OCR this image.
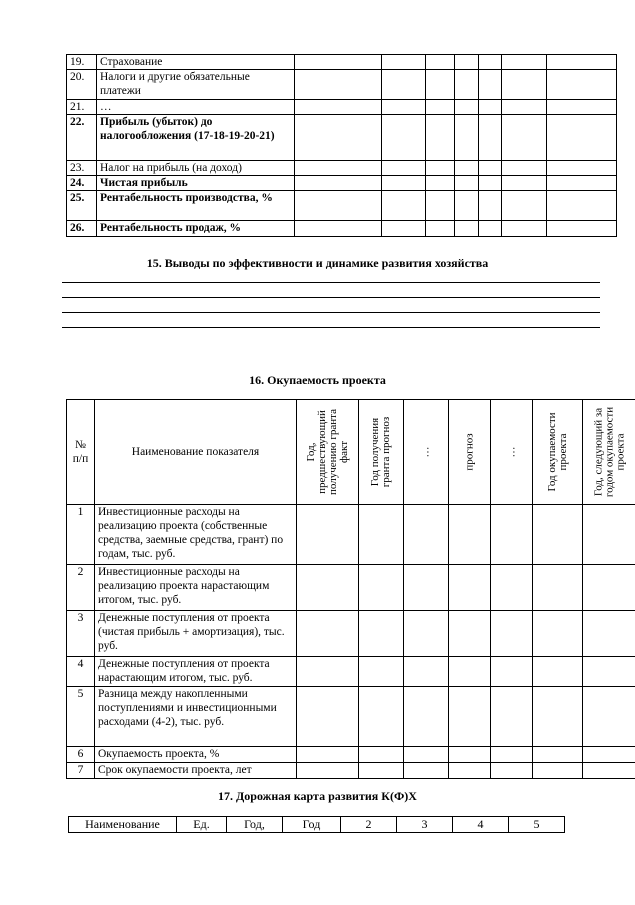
19.	Страхование							
20.	Налоги и другие обязательные платежи							
21.	…							
22.	Прибыль (убыток) до налогообложения (17-18-19-20-21)							
23.	Налог на прибыль (на доход)							
24.	Чистая прибыль							
25.	Рентабельность производства, %							
26.	Рентабельность продаж, %							
15. Выводы по эффективности и динамике развития хозяйства
16. Окупаемость проекта
№ п/п	Наименование показателя	Год, предшествующий получению гранта факт	Год получения гранта прогноз	…	прогноз	…	Год окупаемости проекта	Год, следующий за годом окупаемости проекта

1	Инвестиционные расходы на реализацию проекта (собственные средства, заемные средства, грант) по годам, тыс. руб.							
2	Инвестиционные расходы на реализацию проекта нарастающим итогом, тыс. руб.							
3	Денежные поступления от проекта (чистая прибыль + амортизация), тыс. руб.							
4	Денежные поступления от проекта нарастающим итогом, тыс. руб.							
5	Разница между накопленными поступлениями и инвестиционными расходами (4-2), тыс. руб.							
6	Окупаемость проекта, %							
7	Срок окупаемости проекта, лет							
17. Дорожная карта развития К(Ф)Х
Наименование	Ед.	Год,	Год	2	3	4	5
